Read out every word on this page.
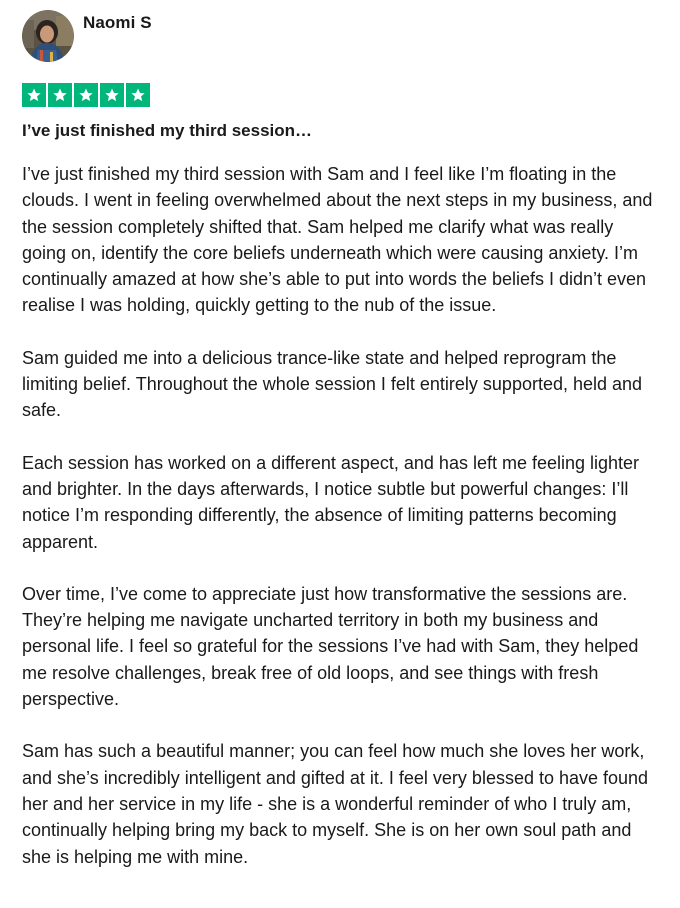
Naomi S
I’ve just finished my third session…

I’ve just finished my third session with Sam and I feel like I’m floating in the clouds. I went in feeling overwhelmed about the next steps in my business, and the session completely shifted that. Sam helped me clarify what was really going on, identify the core beliefs underneath which were causing anxiety. I’m continually amazed at how she’s able to put into words the beliefs I didn’t even realise I was holding, quickly getting to the nub of the issue.

Sam guided me into a delicious trance-like state and helped reprogram the limiting belief. Throughout the whole session I felt entirely supported, held and safe.

Each session has worked on a different aspect, and has left me feeling lighter and brighter. In the days afterwards, I notice subtle but powerful changes: I’ll notice I’m responding differently, the absence of limiting patterns becoming apparent.

Over time, I’ve come to appreciate just how transformative the sessions are. They’re helping me navigate uncharted territory in both my business and personal life. I feel so grateful for the sessions I’ve had with Sam, they helped me resolve challenges, break free of old loops, and see things with fresh perspective.

Sam has such a beautiful manner; you can feel how much she loves her work, and she’s incredibly intelligent and gifted at it. I feel very blessed to have found her and her service in my life - she is a wonderful reminder of who I truly am, continually helping bring my back to myself. She is on her own soul path and she is helping me with mine.
